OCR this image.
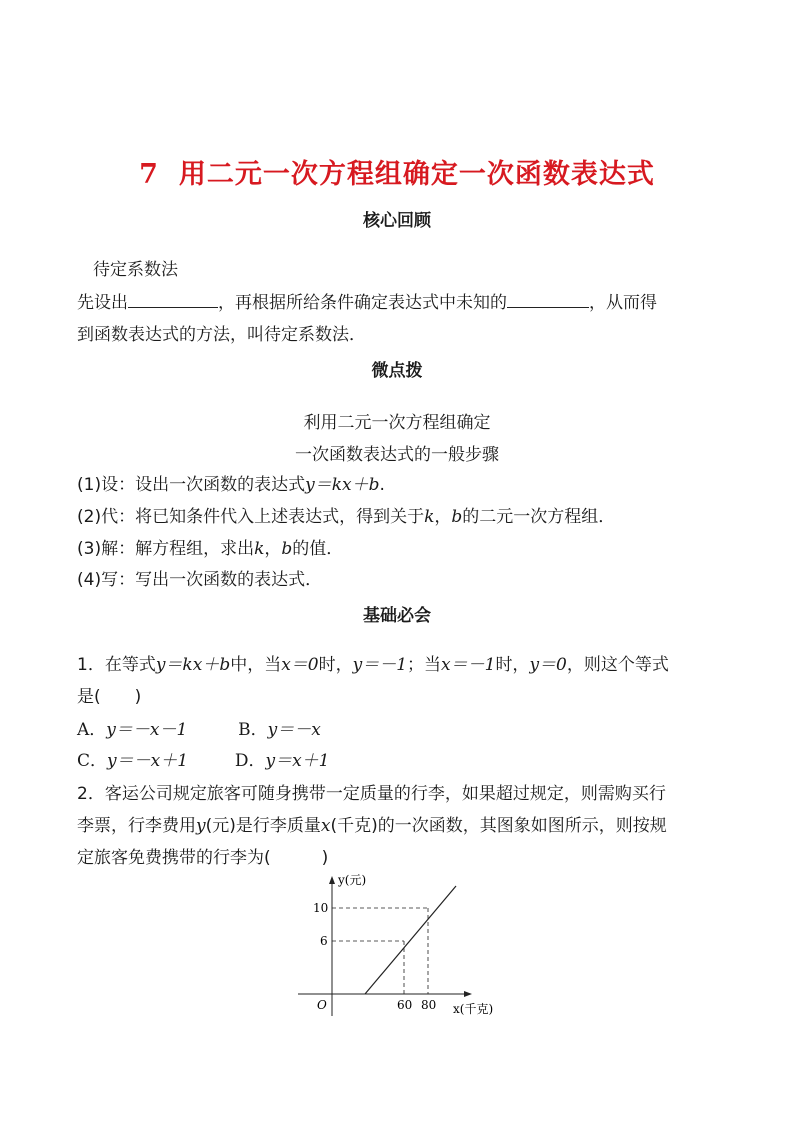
7 用二元一次方程组确定一次函数表达式
核心回顾
待定系数法
先设出	，再根据所给条件确定表达式中未知的	，从而得
到函数表达式的方法，叫待定系数法．
微点拨
利用二元一次方程组确定
一次函数表达式的一般步骤
(1)设：设出一次函数的表达式y＝kx＋b.
(2)代：将已知条件代入上述表达式，得到关于k，b的二元一次方程组．
(3)解：解方程组，求出k，b的值．
(4)写：写出一次函数的表达式．
基础必会
1．在等式y＝kx＋b中，当x＝0时，y＝－1；当x＝－1时，y＝0，则这个等式
是(　　)
A．y＝－x－1	B．y＝－x
C．y＝－x＋1	D．y＝x＋1
2．客运公司规定旅客可随身携带一定质量的行李，如果超过规定，则需购买行
李票，行李费用y(元)是行李质量x(千克)的一次函数，其图象如图所示，则按规
定旅客免费携带的行李为(　　　)
y(元)
x(千克)
O
10
6
60 80
